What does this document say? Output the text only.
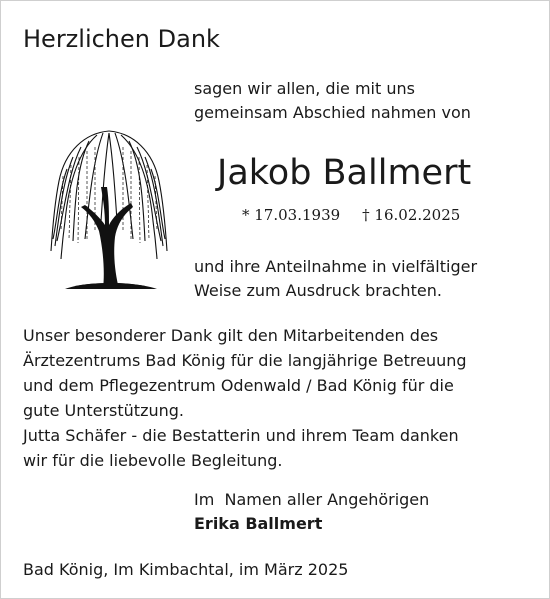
Herzlichen Dank
sagen wir allen, die mit uns
gemeinsam Abschied nahmen von
Jakob Ballmert
* 17.03.1939 † 16.02.2025
und ihre Anteilnahme in vielfältiger
Weise zum Ausdruck brachten.
Unser besonderer Dank gilt den Mitarbeitenden des
Ärztezentrums Bad König für die langjährige Betreuung
und dem Pflegezentrum Odenwald / Bad König für die
gute Unterstützung.
Jutta Schäfer - die Bestatterin und ihrem Team danken
wir für die liebevolle Begleitung.
Im  Namen aller Angehörigen
Erika Ballmert
Bad König, Im Kimbachtal, im März 2025
